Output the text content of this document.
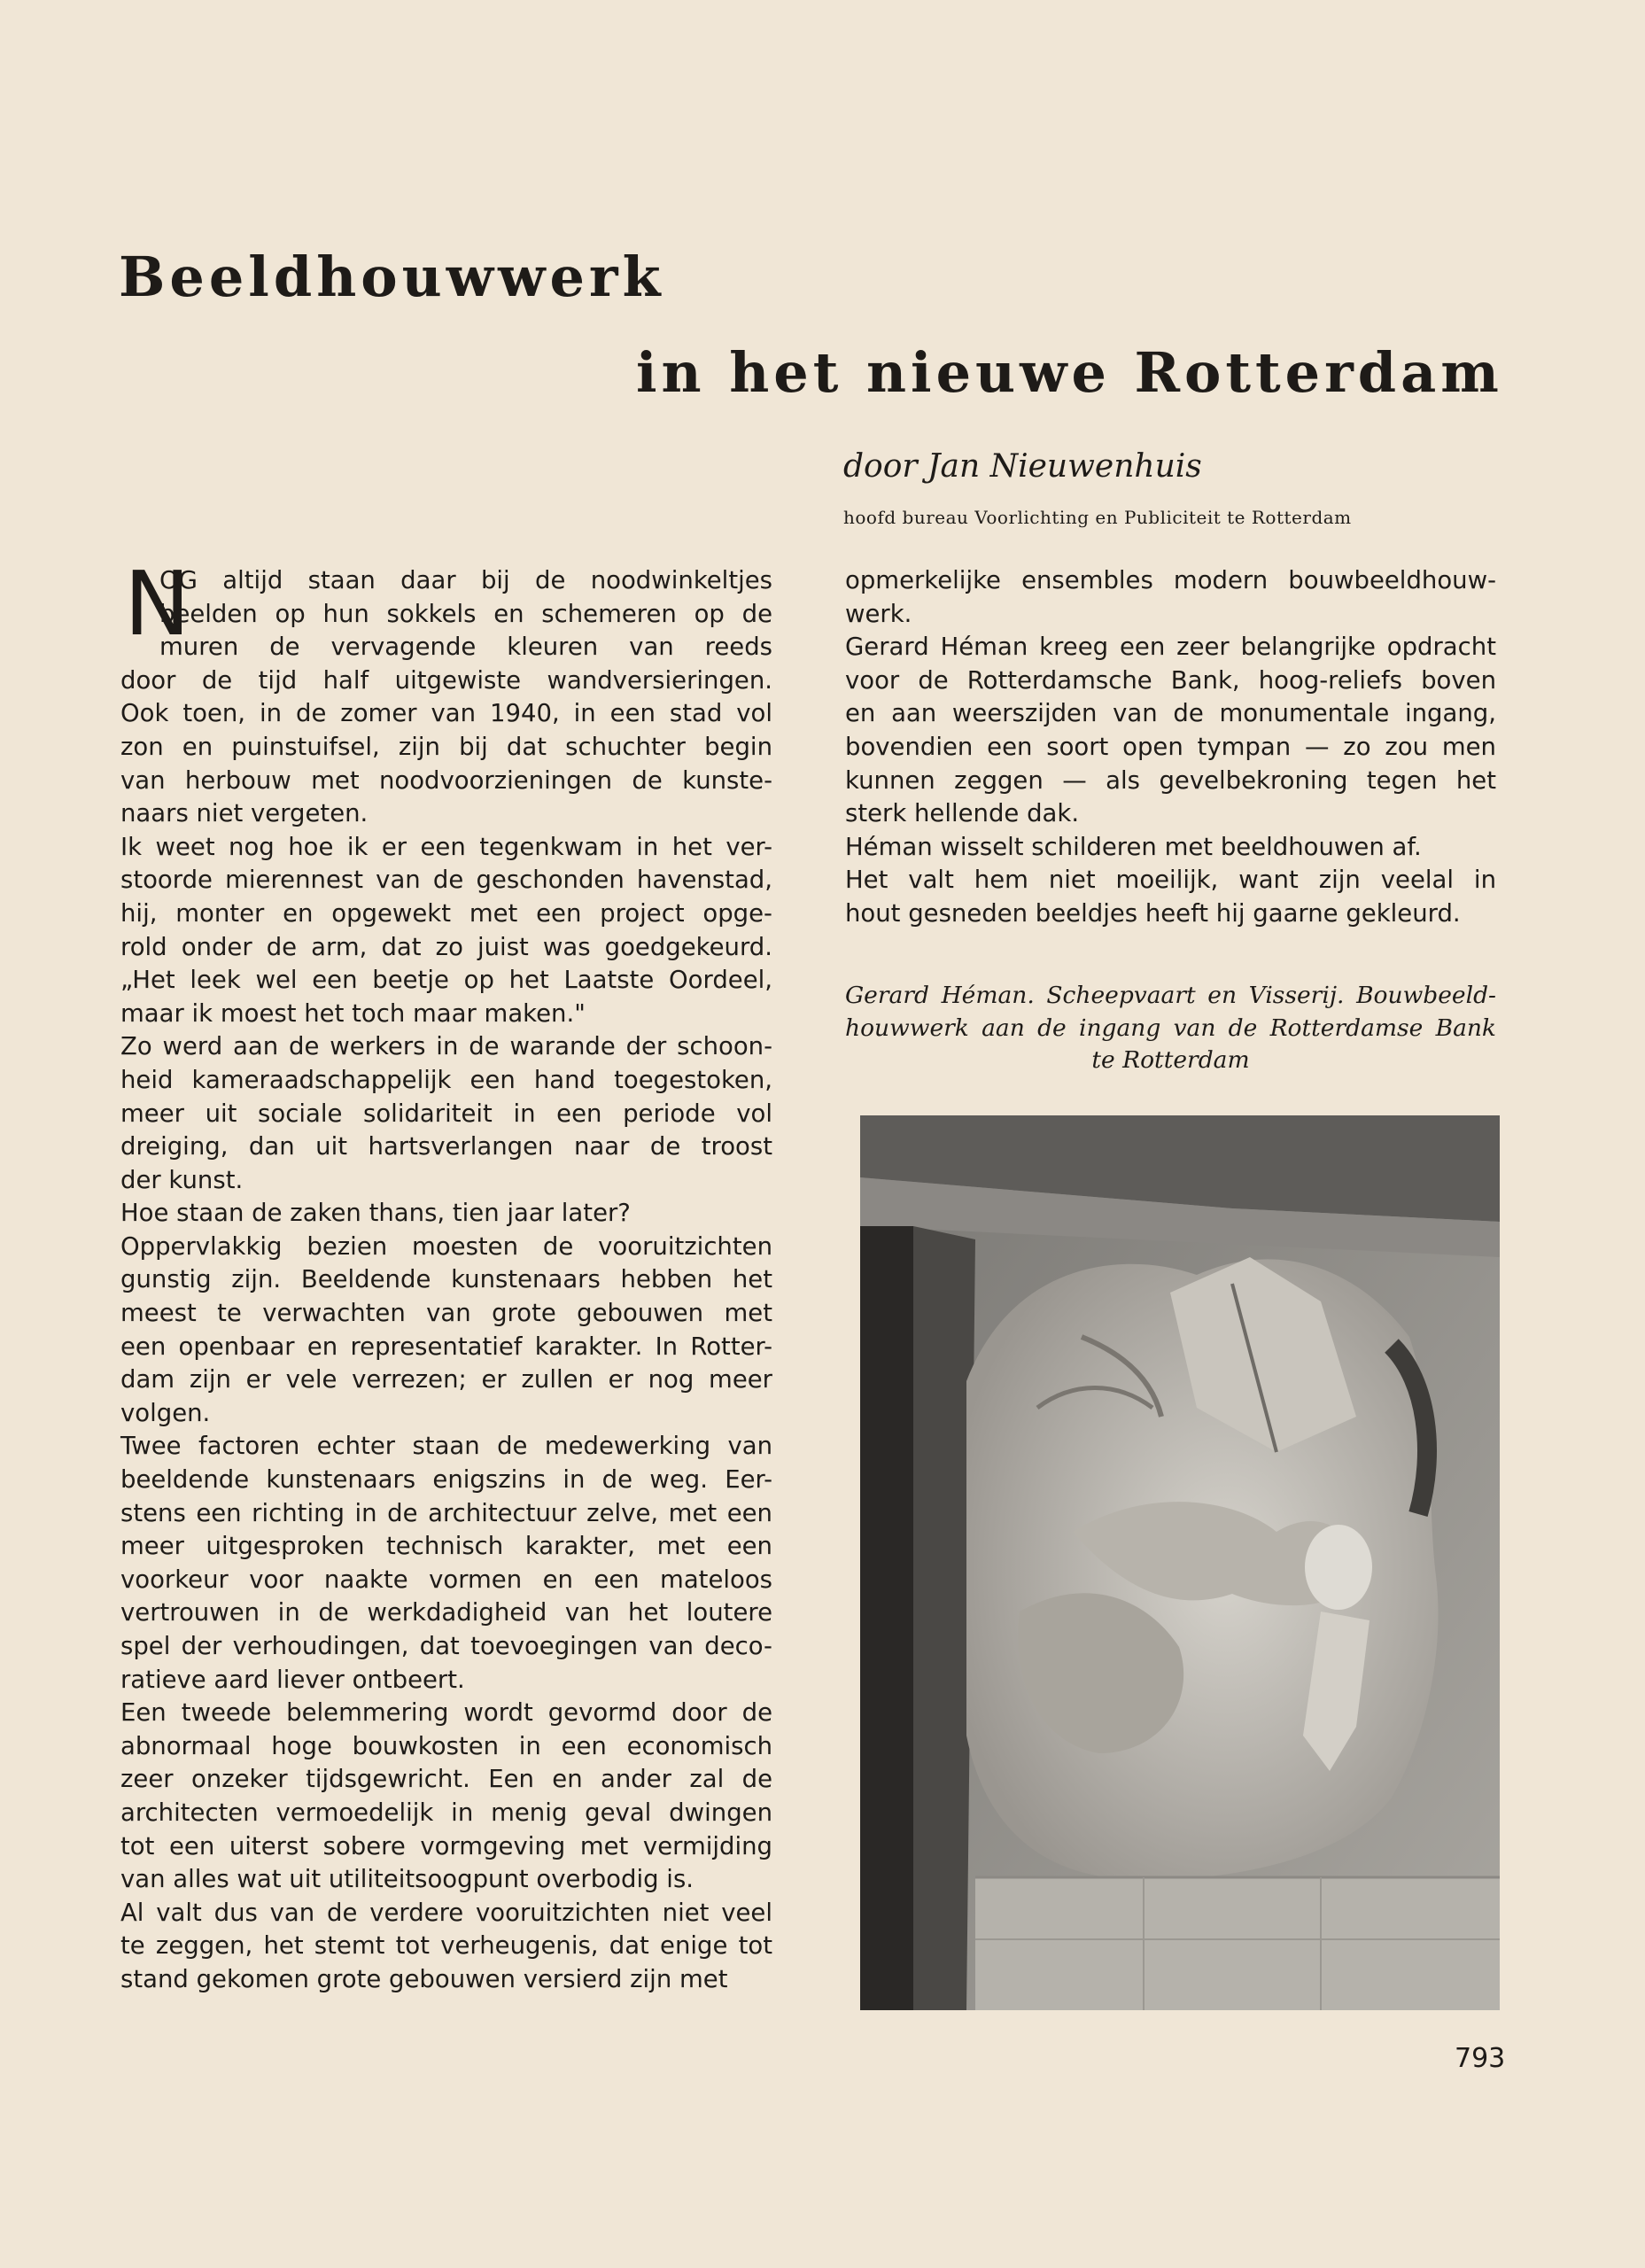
Beeldhouwwerk
in het nieuwe Rotterdam
door Jan Nieuwenhuis
hoofd bureau Voorlichting en Publiciteit te Rotterdam
N
OG altijd staan daar bij de noodwinkeltjes
beelden op hun sokkels en schemeren op de
muren de vervagende kleuren van reeds
door de tijd half uitgewiste wandversieringen.
Ook toen, in de zomer van 1940, in een stad vol
zon en puinstuifsel, zijn bij dat schuchter begin
van herbouw met noodvoorzieningen de kunste-
naars niet vergeten.
Ik weet nog hoe ik er een tegenkwam in het ver-
stoorde mierennest van de geschonden havenstad,
hij, monter en opgewekt met een project opge-
rold onder de arm, dat zo juist was goedgekeurd.
„Het leek wel een beetje op het Laatste Oordeel,
maar ik moest het toch maar maken."
Zo werd aan de werkers in de warande der schoon-
heid kameraadschappelijk een hand toegestoken,
meer uit sociale solidariteit in een periode vol
dreiging, dan uit hartsverlangen naar de troost
der kunst.
Hoe staan de zaken thans, tien jaar later?
Oppervlakkig bezien moesten de vooruitzichten
gunstig zijn. Beeldende kunstenaars hebben het
meest te verwachten van grote gebouwen met
een openbaar en representatief karakter. In Rotter-
dam zijn er vele verrezen; er zullen er nog meer
volgen.
Twee factoren echter staan de medewerking van
beeldende kunstenaars enigszins in de weg. Eer-
stens een richting in de architectuur zelve, met een
meer uitgesproken technisch karakter, met een
voorkeur voor naakte vormen en een mateloos
vertrouwen in de werkdadigheid van het loutere
spel der verhoudingen, dat toevoegingen van deco-
ratieve aard liever ontbeert.
Een tweede belemmering wordt gevormd door de
abnormaal hoge bouwkosten in een economisch
zeer onzeker tijdsgewricht. Een en ander zal de
architecten vermoedelijk in menig geval dwingen
tot een uiterst sobere vormgeving met vermijding
van alles wat uit utiliteitsoogpunt overbodig is.
Al valt dus van de verdere vooruitzichten niet veel
te zeggen, het stemt tot verheugenis, dat enige tot
stand gekomen grote gebouwen versierd zijn met
opmerkelijke ensembles modern bouwbeeldhouw-
werk.
Gerard Héman kreeg een zeer belangrijke opdracht
voor de Rotterdamsche Bank, hoog-reliefs boven
en aan weerszijden van de monumentale ingang,
bovendien een soort open tympan — zo zou men
kunnen zeggen — als gevelbekroning tegen het
sterk hellende dak.
Héman wisselt schilderen met beeldhouwen af.
Het valt hem niet moeilijk, want zijn veelal in
hout gesneden beeldjes heeft hij gaarne gekleurd.
Gerard Héman. Scheepvaart en Visserij. Bouwbeeld-
houwwerk aan de ingang van de Rotterdamse Bank
te Rotterdam
793
